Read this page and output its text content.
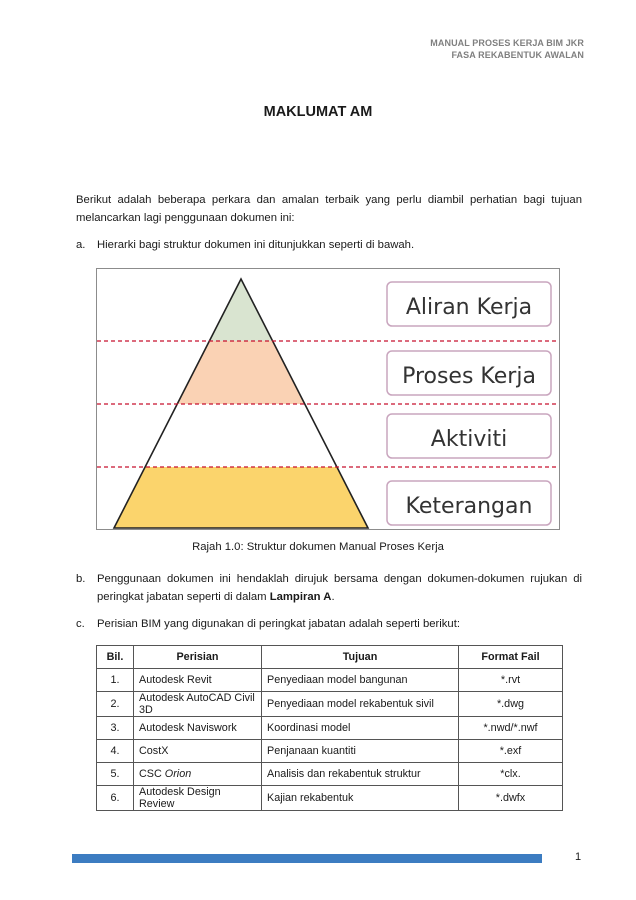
MANUAL PROSES KERJA BIM JKR
FASA REKABENTUK AWALAN
MAKLUMAT AM
Berikut adalah beberapa perkara dan amalan terbaik yang perlu diambil perhatian bagi tujuan melancarkan lagi penggunaan dokumen ini:
a. Hierarki bagi struktur dokumen ini ditunjukkan seperti di bawah.
Aliran Kerja
Proses Kerja
Aktiviti
Keterangan
Rajah 1.0: Struktur dokumen Manual Proses Kerja
b. Penggunaan dokumen ini hendaklah dirujuk bersama dengan dokumen-dokumen rujukan di peringkat jabatan seperti di dalam Lampiran A.
c. Perisian BIM yang digunakan di peringkat jabatan adalah seperti berikut:
Bil.	Perisian	Tujuan	Format Fail
1.	Autodesk Revit	Penyediaan model bangunan	*.rvt
2.	Autodesk AutoCAD Civil 3D	Penyediaan model rekabentuk sivil	*.dwg
3.	Autodesk Naviswork	Koordinasi model	*.nwd/*.nwf
4.	CostX	Penjanaan kuantiti	*.exf
5.	CSC Orion	Analisis dan rekabentuk struktur	*clx.
6.	Autodesk Design Review	Kajian rekabentuk	*.dwfx
1
